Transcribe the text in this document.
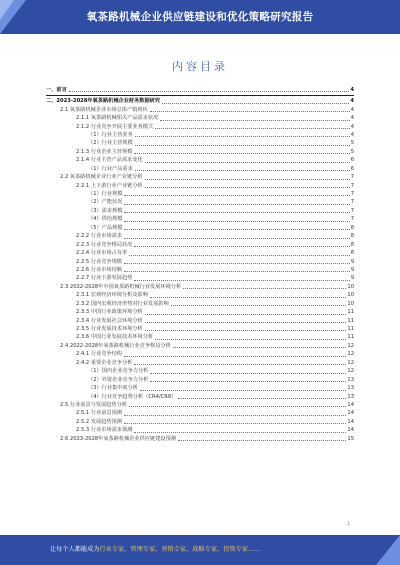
氧茶路机械企业供应链建设和优化策略研究报告
内容目录
一、前言	4
二、2023-2028年氧茶路机械企业财务数据研究	4
2.1 氧茶路机械企业市场总体产销现状	4
2.1.1 氧茶路机械相关产品需求状况	4
2.1.2 行业竞争开展主要业务模式	4
（1）行业主营业务	4
（2）行业主营规模	5
2.1.3 行业企业主营规模	5
2.1.4 行业主营产品需求变化	6
（1）行业产品需求	6
2.2 氧茶路机械企业行业产业链分析	7
2.2.1 上下游行业产业链分析	7
（1）行业规模	7
（2）产能状况	7
（3）需求规模	7
（4）供给规模	7
（5）产品规模	8
2.2.2 行业市场需求	8
2.2.3 行业竞争格局状况	8
2.2.4 行业市场占有率	8
2.2.5 行业竞争规模	9
2.2.6 行业市场份额	9
2.2.7 行业下游发展趋势	9
2.3 2022-2028年中国氧茶路机械行业发展环境分析	10
2.3.1 宏观经济环境分析及影响	10
2.3.2 国内宏观经济形势对行业发展影响	10
2.3.3 中国行业政策环境分析	11
2.3.4 行业发展社会环境分析	11
2.3.5 行业发展技术环境分析	11
2.3.6 中国行业发展技术环境分析	11
2.4 2022-2028年氧茶路机械行业竞争格局分析	12
2.4.1 行业竞争结构	12
2.4.2 重要企业竞争分析	12
（1）国内企业竞争力分析	12
（2）外资企业竞争力分析	13
（3）行业集中度分析	13
（4）行业竞争趋势分析（CR4/CR8）	13
2.5 行业前景与发展趋势分析	14
2.5.1 行业前景预测	14
2.5.2 发展趋势预测	14
2.5.3 行业市场需求预测	14
2.6 2023-2028年氧茶路机械企业供应链建设预测	15
1
让每个人都能成为行业专家，管理专家，营销专家，战略专家，投资专家……
